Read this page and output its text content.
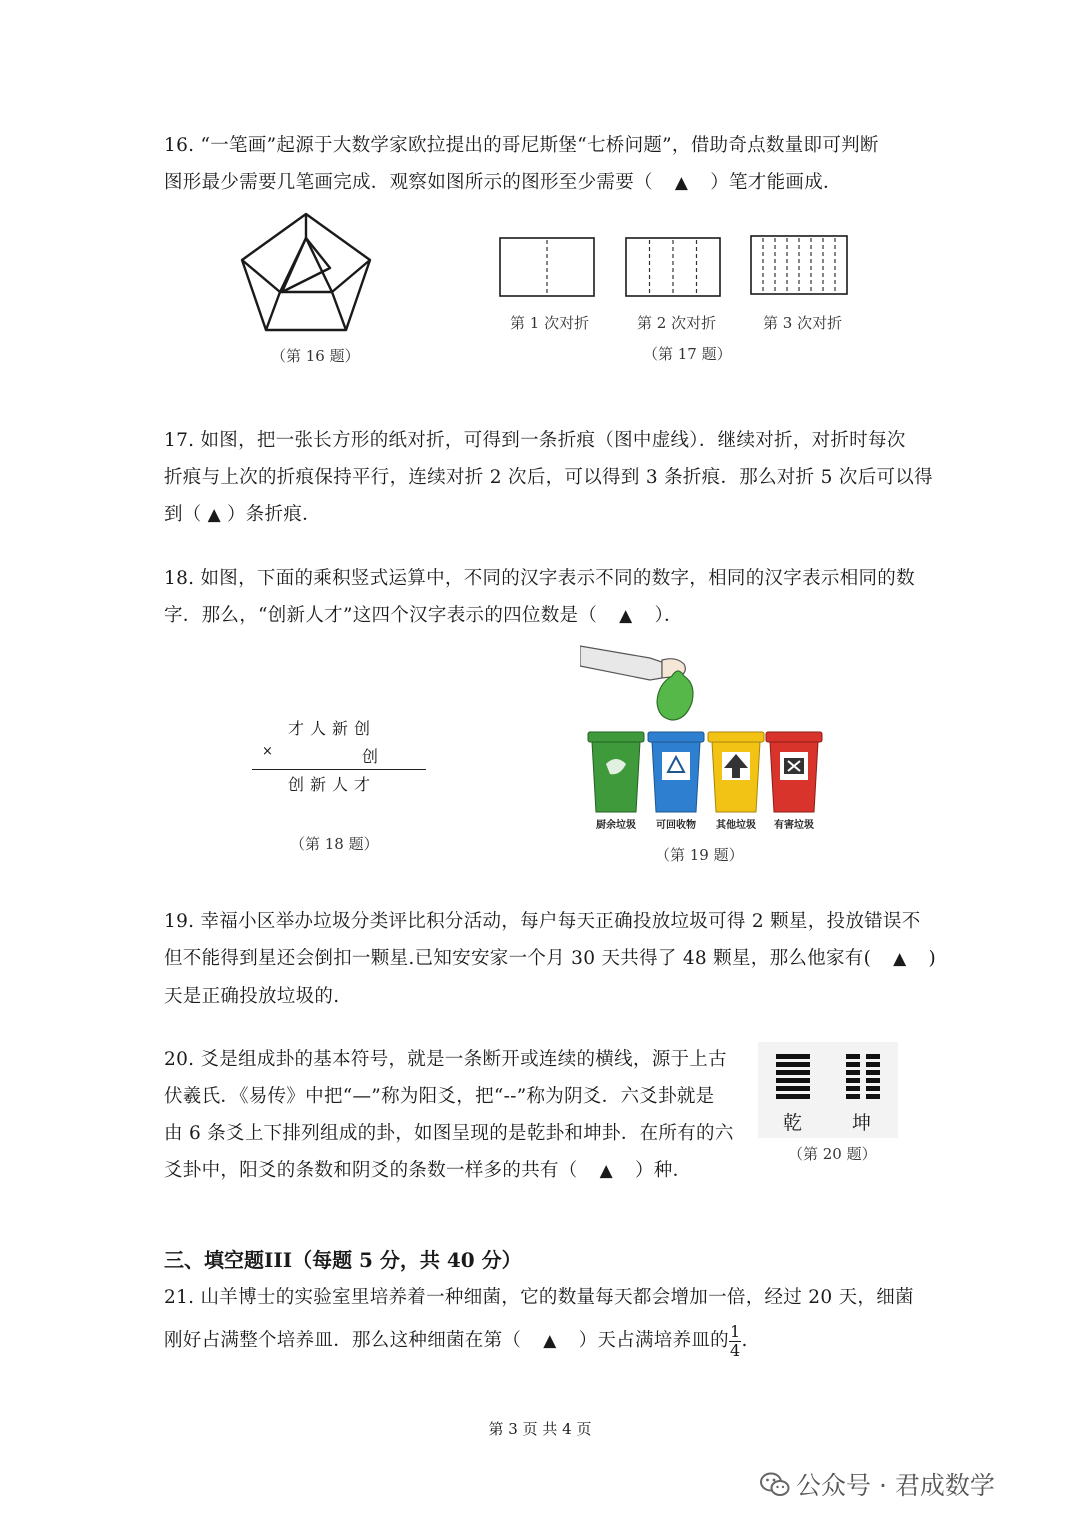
16. “一笔画”起源于大数学家欧拉提出的哥尼斯堡“七桥问题”，借助奇点数量即可判断
图形最少需要几笔画完成．观察如图所示的图形至少需要（ ▲ ）笔才能画成．
（第 16 题）
第 1 次对折	第 2 次对折	第 3 次对折
（第 17 题）
17. 如图，把一张长方形的纸对折，可得到一条折痕（图中虚线）．继续对折，对折时每次
折痕与上次的折痕保持平行，连续对折 2 次后，可以得到 3 条折痕．那么对折 5 次后可以得
到（ ▲ ）条折痕．
18. 如图，下面的乘积竖式运算中，不同的汉字表示不同的数字，相同的汉字表示相同的数
字．那么，“创新人才”这四个汉字表示的四位数是（ ▲ ）．
才人新创
×	创
创新人才
（第 18 题）
厨余垃圾 可回收物 其他垃圾 有害垃圾
（第 19 题）
19. 幸福小区举办垃圾分类评比积分活动，每户每天正确投放垃圾可得 2 颗星，投放错误不
但不能得到星还会倒扣一颗星.已知安安家一个月 30 天共得了 48 颗星，那么他家有( ▲ )
天是正确投放垃圾的.
20. 爻是组成卦的基本符号，就是一条断开或连续的横线，源于上古
伏羲氏．《易传》中把“—”称为阳爻，把“--”称为阴爻．六爻卦就是
由 6 条爻上下排列组成的卦，如图呈现的是乾卦和坤卦．在所有的六
爻卦中，阳爻的条数和阴爻的条数一样多的共有（ ▲ ）种．
乾	坤
（第 20 题）
三、填空题III（每题 5 分，共 40 分）
21. 山羊博士的实验室里培养着一种细菌，它的数量每天都会增加一倍，经过 20 天，细菌
刚好占满整个培养皿．那么这种细菌在第（ ▲ ）天占满培养皿的 $\frac{1}{4}$ .
第 3 页 共 4 页
公众号 · 君成数学
